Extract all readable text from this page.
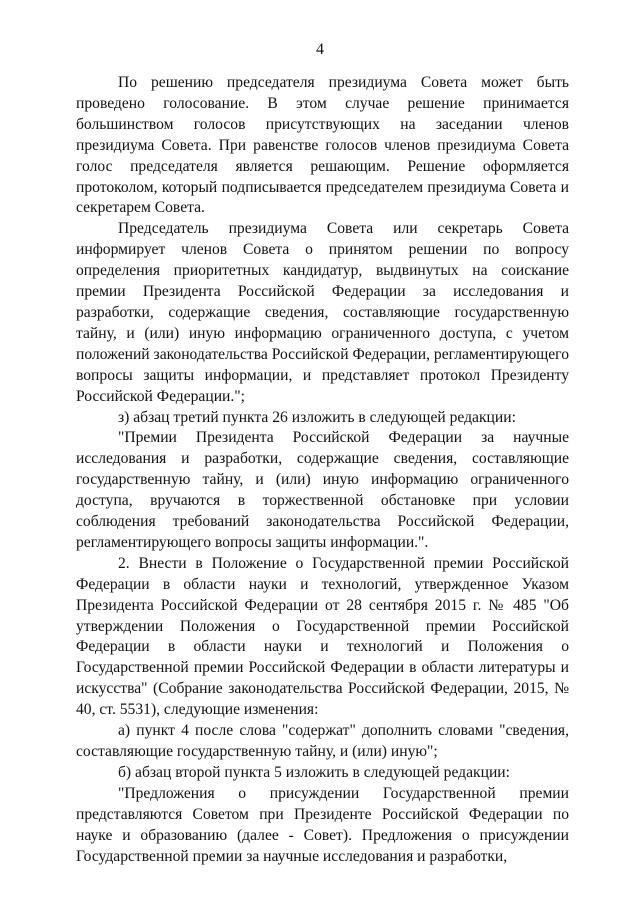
4

По решению председателя президиума Совета может быть проведено голосование. В этом случае решение принимается большинством голосов присутствующих на заседании членов президиума Совета. При равенстве голосов членов президиума Совета голос председателя является решающим. Решение оформляется протоколом, который подписывается председателем президиума Совета и секретарем Совета.

Председатель президиума Совета или секретарь Совета информирует членов Совета о принятом решении по вопросу определения приоритетных кандидатур, выдвинутых на соискание премии Президента Российской Федерации за исследования и разработки, содержащие сведения, составляющие государственную тайну, и (или) иную информацию ограниченного доступа, с учетом положений законодательства Российской Федерации, регламентирующего вопросы защиты информации, и представляет протокол Президенту Российской Федерации.";

з) абзац третий пункта 26 изложить в следующей редакции:

"Премии Президента Российской Федерации за научные исследования и разработки, содержащие сведения, составляющие государственную тайну, и (или) иную информацию ограниченного доступа, вручаются в торжественной обстановке при условии соблюдения требований законодательства Российской Федерации, регламентирующего вопросы защиты информации.".

2. Внести в Положение о Государственной премии Российской Федерации в области науки и технологий, утвержденное Указом Президента Российской Федерации от 28 сентября 2015 г. № 485 "Об утверждении Положения о Государственной премии Российской Федерации в области науки и технологий и Положения о Государственной премии Российской Федерации в области литературы и искусства" (Собрание законодательства Российской Федерации, 2015, № 40, ст. 5531), следующие изменения:

а) пункт 4 после слова "содержат" дополнить словами "сведения, составляющие государственную тайну, и (или) иную";

б) абзац второй пункта 5 изложить в следующей редакции:

"Предложения о присуждении Государственной премии представляются Советом при Президенте Российской Федерации по науке и образованию (далее - Совет). Предложения о присуждении Государственной премии за научные исследования и разработки,
